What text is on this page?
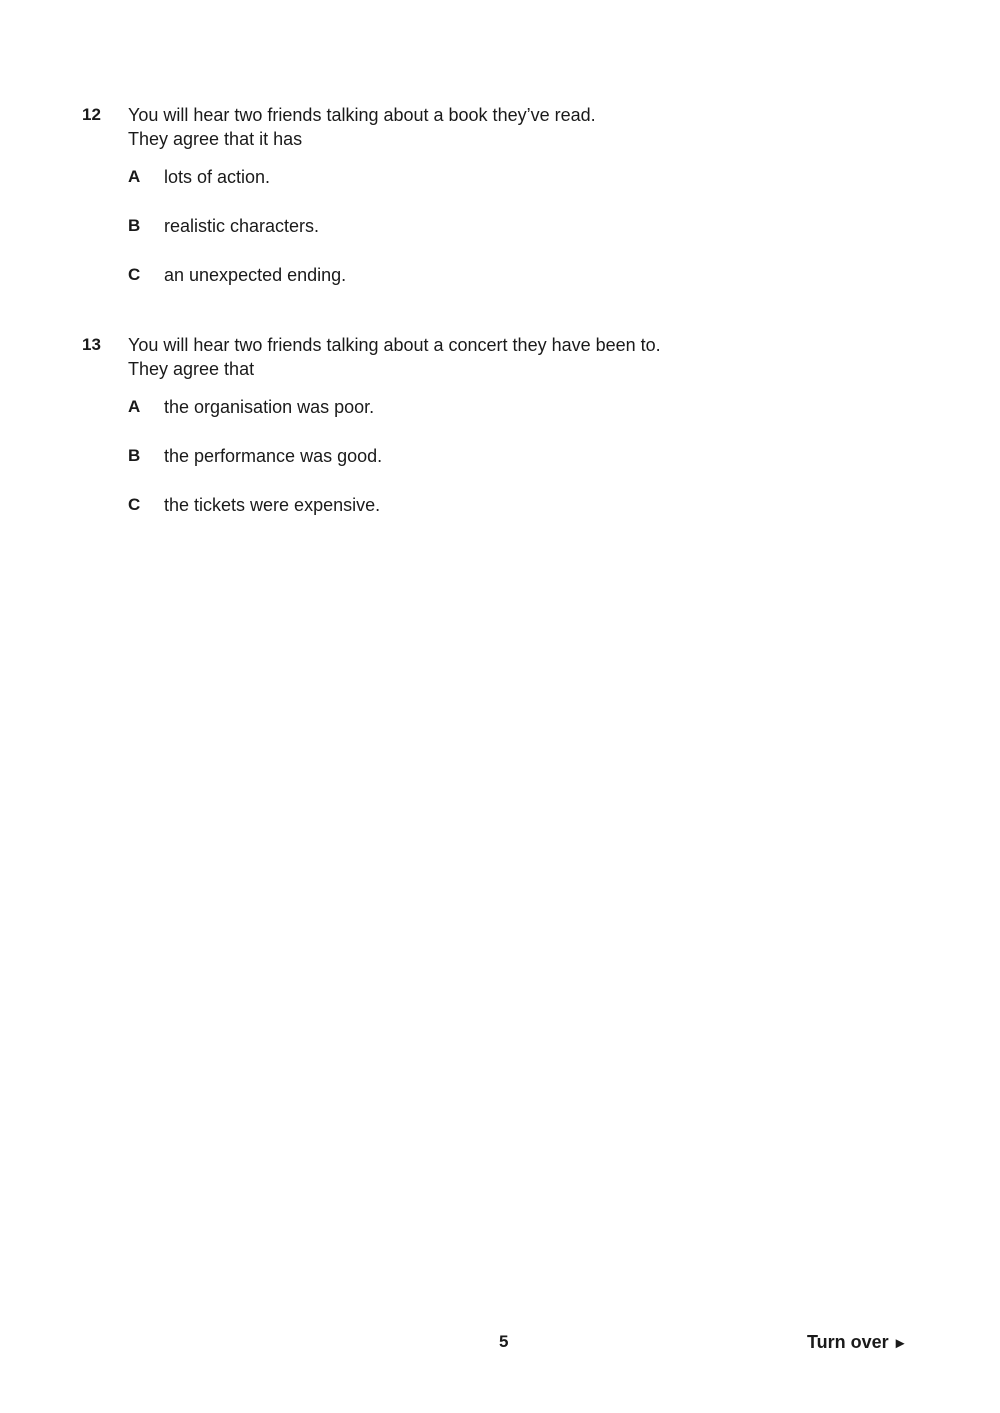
12 You will hear two friends talking about a book they’ve read.
They agree that it has
A lots of action.
B realistic characters.
C an unexpected ending.
13 You will hear two friends talking about a concert they have been to.
They agree that
A the organisation was poor.
B the performance was good.
C the tickets were expensive.
5	Turn over ►
